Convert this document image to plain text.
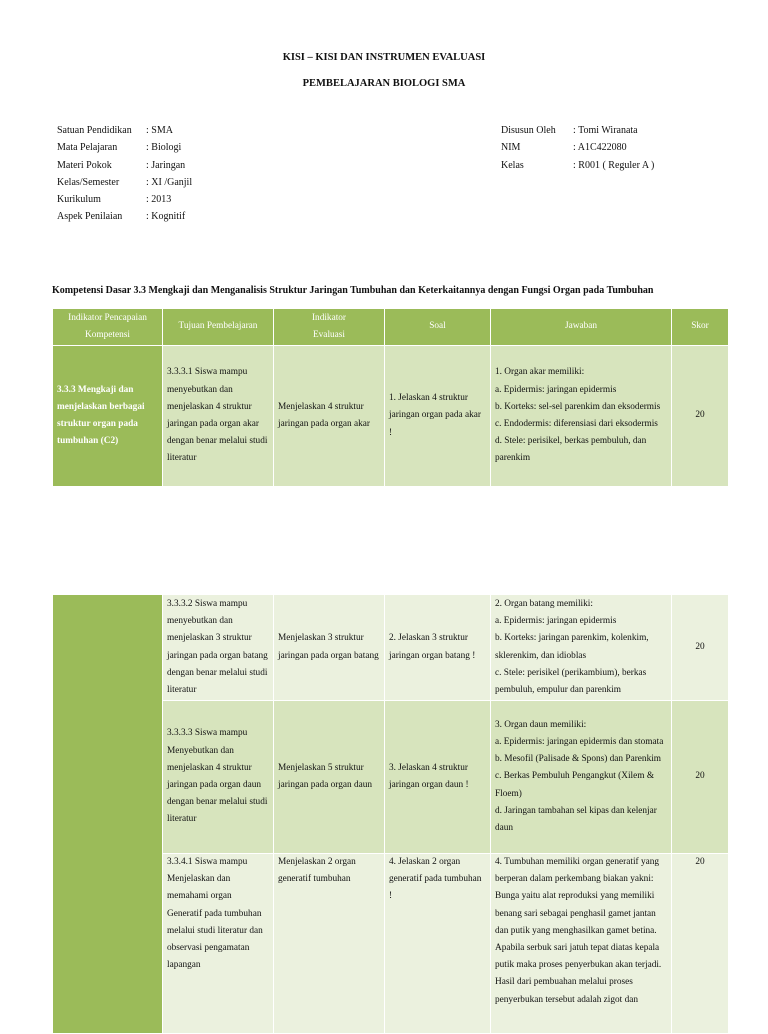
KISI – KISI DAN INSTRUMEN EVALUASI
PEMBELAJARAN BIOLOGI SMA
Satuan Pendidikan	: SMA
Mata Pelajaran	: Biologi
Materi Pokok	: Jaringan
Kelas/Semester	: XI /Ganjil
Kurikulum	: 2013
Aspek Penilaian	: Kognitif
Disusun Oleh	: Tomi Wiranata
NIM	: A1C422080
Kelas	: R001 ( Reguler A )
Kompetensi Dasar 3.3 Mengkaji dan Menganalisis Struktur Jaringan Tumbuhan dan Keterkaitannya dengan Fungsi Organ pada Tumbuhan
Indikator Pencapaian
Kompetensi	Tujuan Pembelajaran	Indikator
Evaluasi	Soal	Jawaban	Skor
3.3.3 Mengkaji dan menjelaskan berbagai struktur organ pada tumbuhan (C2)	3.3.3.1 Siswa mampu menyebutkan dan menjelaskan 4 struktur jaringan pada organ akar dengan benar melalui studi literatur	Menjelaskan 4 struktur jaringan pada organ akar	1. Jelaskan 4 struktur jaringan organ pada akar !	1. Organ akar memiliki:
a. Epidermis: jaringan epidermis
b. Korteks: sel-sel parenkim dan eksodermis
c. Endodermis: diferensiasi dari eksodermis
d. Stele: perisikel, berkas pembuluh, dan parenkim	20
	3.3.3.2 Siswa mampu menyebutkan dan menjelaskan 3 struktur jaringan pada organ batang dengan benar melalui studi literatur	Menjelaskan 3 struktur jaringan pada organ batang	2. Jelaskan 3 struktur jaringan organ batang !	2. Organ batang memiliki:
a. Epidermis: jaringan epidermis
b. Korteks: jaringan parenkim, kolenkim, sklerenkim, dan idioblas
c. Stele: perisikel (perikambium), berkas pembuluh, empulur dan parenkim	20
	3.3.3.3 Siswa mampu Menyebutkan dan menjelaskan 4 struktur jaringan pada organ daun dengan benar melalui studi literatur	Menjelaskan 5 struktur jaringan pada organ daun	3. Jelaskan 4 struktur jaringan organ daun !	3. Organ daun memiliki:
a. Epidermis: jaringan epidermis dan stomata
b. Mesofil (Palisade & Spons) dan Parenkim
c. Berkas Pembuluh Pengangkut (Xilem & Floem)
d. Jaringan tambahan sel kipas dan kelenjar daun	20
	3.3.4.1 Siswa mampu Menjelaskan dan memahami organ Generatif pada tumbuhan melalui studi literatur dan observasi pengamatan lapangan	Menjelaskan 2 organ generatif tumbuhan	4. Jelaskan 2 organ generatif pada tumbuhan !	4. Tumbuhan memiliki organ generatif yang berperan dalam perkembang biakan yakni: Bunga yaitu alat reproduksi yang memiliki benang sari sebagai penghasil gamet jantan dan putik yang menghasilkan gamet betina. Apabila serbuk sari jatuh tepat diatas kepala putik maka proses penyerbukan akan terjadi. Hasil dari pembuahan melalui proses penyerbukan tersebut adalah zigot dan	20
